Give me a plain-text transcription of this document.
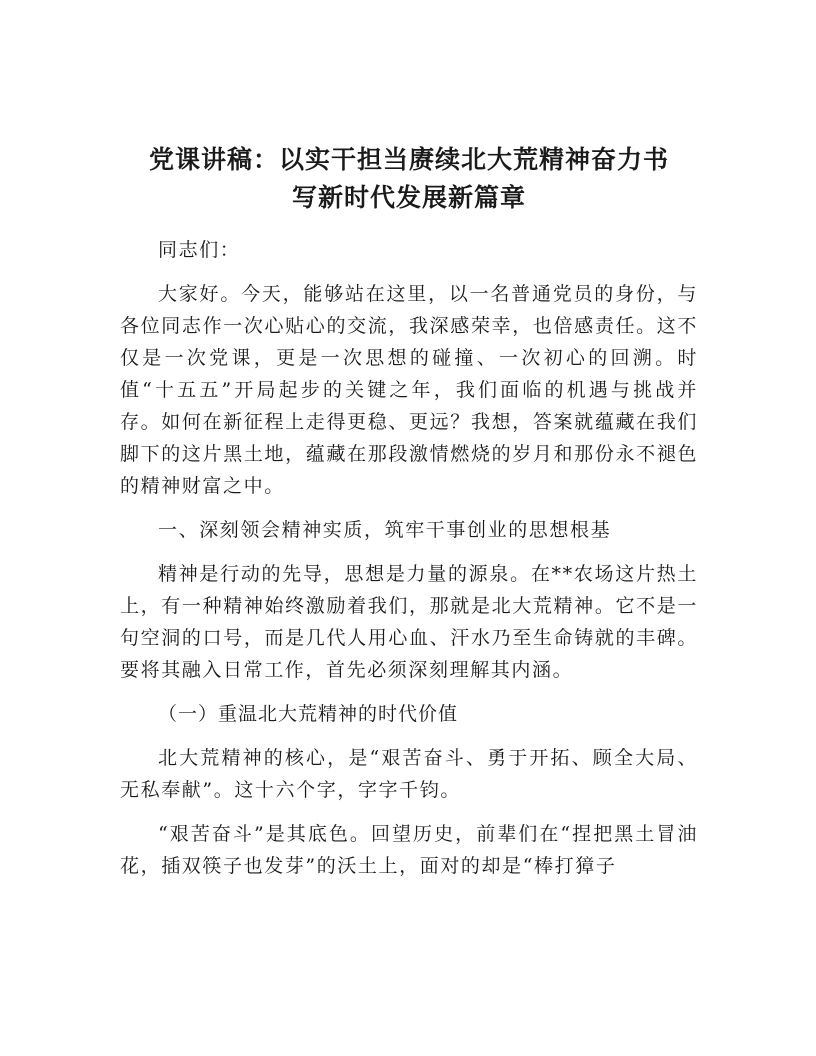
党课讲稿：以实干担当赓续北大荒精神奋力书
写新时代发展新篇章

同志们：

大家好。今天，能够站在这里，以一名普通党员的身份，与各位同志作一次心贴心的交流，我深感荣幸，也倍感责任。这不仅是一次党课，更是一次思想的碰撞、一次初心的回溯。时值“十五五”开局起步的关键之年，我们面临的机遇与挑战并存。如何在新征程上走得更稳、更远？我想，答案就蕴藏在我们脚下的这片黑土地，蕴藏在那段激情燃烧的岁月和那份永不褪色的精神财富之中。

一、深刻领会精神实质，筑牢干事创业的思想根基

精神是行动的先导，思想是力量的源泉。在**农场这片热土上，有一种精神始终激励着我们，那就是北大荒精神。它不是一句空洞的口号，而是几代人用心血、汗水乃至生命铸就的丰碑。要将其融入日常工作，首先必须深刻理解其内涵。

（一）重温北大荒精神的时代价值

北大荒精神的核心，是“艰苦奋斗、勇于开拓、顾全大局、无私奉献”。这十六个字，字字千钧。

“艰苦奋斗”是其底色。回望历史，前辈们在“捏把黑土冒油花，插双筷子也发芽”的沃土上，面对的却是“棒打獐子
